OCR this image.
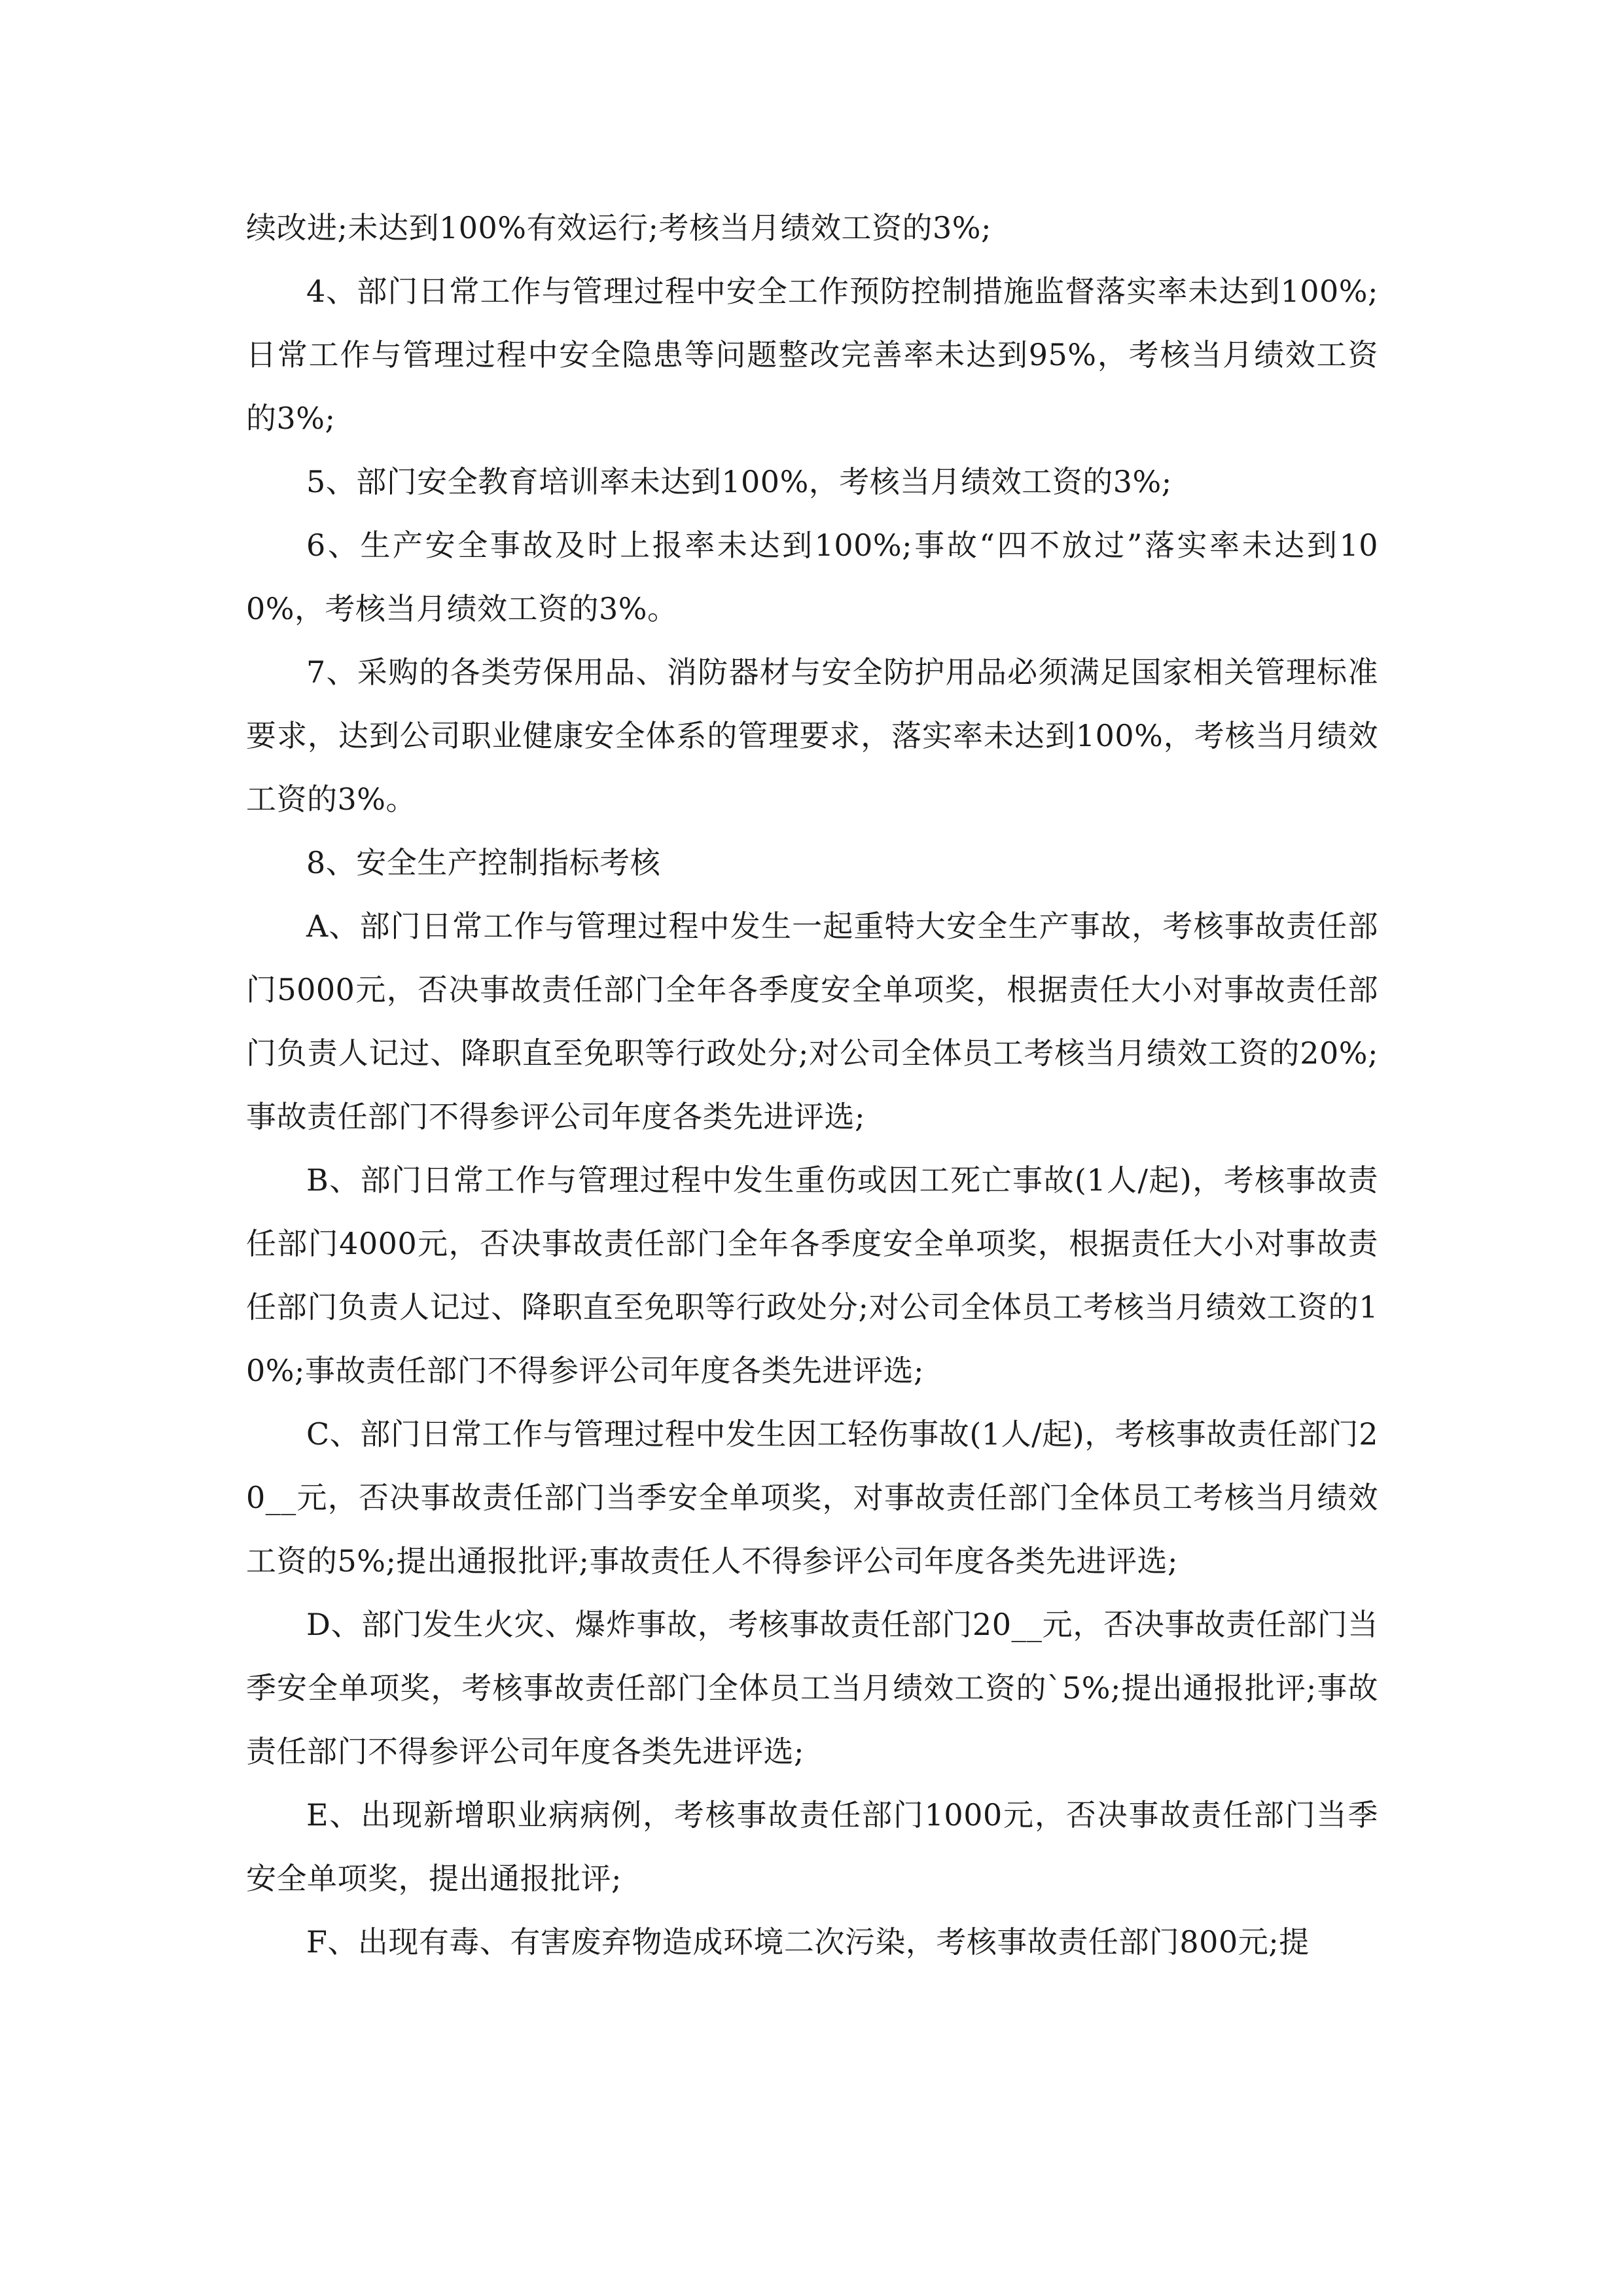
续改进;未达到100%有效运行;考核当月绩效工资的3%;

4、部门日常工作与管理过程中安全工作预防控制措施监督落实率未达到100%;日常工作与管理过程中安全隐患等问题整改完善率未达到95%，考核当月绩效工资的3%;

5、部门安全教育培训率未达到100%，考核当月绩效工资的3%;

6、生产安全事故及时上报率未达到100%;事故“四不放过”落实率未达到100%，考核当月绩效工资的3%。

7、采购的各类劳保用品、消防器材与安全防护用品必须满足国家相关管理标准要求，达到公司职业健康安全体系的管理要求，落实率未达到100%，考核当月绩效工资的3%。

8、安全生产控制指标考核

A、部门日常工作与管理过程中发生一起重特大安全生产事故，考核事故责任部门5000元，否决事故责任部门全年各季度安全单项奖，根据责任大小对事故责任部门负责人记过、降职直至免职等行政处分;对公司全体员工考核当月绩效工资的20%;事故责任部门不得参评公司年度各类先进评选;

B、部门日常工作与管理过程中发生重伤或因工死亡事故(1人/起)，考核事故责任部门4000元，否决事故责任部门全年各季度安全单项奖，根据责任大小对事故责任部门负责人记过、降职直至免职等行政处分;对公司全体员工考核当月绩效工资的10%;事故责任部门不得参评公司年度各类先进评选;

C、部门日常工作与管理过程中发生因工轻伤事故(1人/起)，考核事故责任部门20__元，否决事故责任部门当季安全单项奖，对事故责任部门全体员工考核当月绩效工资的5%;提出通报批评;事故责任人不得参评公司年度各类先进评选;

D、部门发生火灾、爆炸事故，考核事故责任部门20__元，否决事故责任部门当季安全单项奖，考核事故责任部门全体员工当月绩效工资的`5%;提出通报批评;事故责任部门不得参评公司年度各类先进评选;

E、出现新增职业病病例，考核事故责任部门1000元，否决事故责任部门当季安全单项奖，提出通报批评;

F、出现有毒、有害废弃物造成环境二次污染，考核事故责任部门800元;提
